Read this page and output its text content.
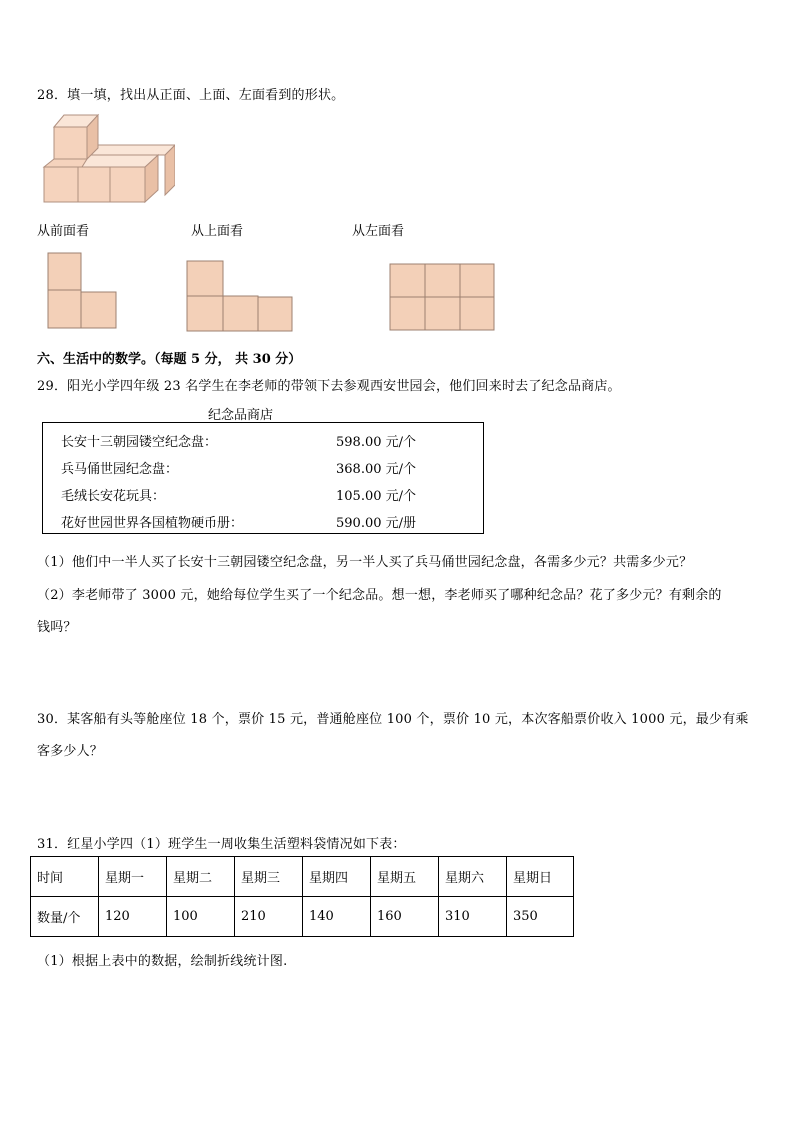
28．填一填，找出从正面、上面、左面看到的形状。
从前面看	从上面看	从左面看
六、生活中的数学。（每题 5 分， 共 30 分）
29．阳光小学四年级 23 名学生在李老师的带领下去参观西安世园会，他们回来时去了纪念品商店。
纪念品商店
长安十三朝园镂空纪念盘：	598.00 元/个
兵马俑世园纪念盘：	368.00 元/个
毛绒长安花玩具：	105.00 元/个
花好世园世界各国植物硬币册：	590.00 元/册
（1）他们中一半人买了长安十三朝园镂空纪念盘，另一半人买了兵马俑世园纪念盘，各需多少元？共需多少元？
（2）李老师带了 3000 元，她给每位学生买了一个纪念品。想一想，李老师买了哪种纪念品？花了多少元？有剩余的
钱吗？
30．某客船有头等舱座位 18 个，票价 15 元，普通舱座位 100 个，票价 10 元，本次客船票价收入 1000 元，最少有乘
客多少人？
31．红星小学四（1）班学生一周收集生活塑料袋情况如下表：
时间	星期一	星期二	星期三	星期四	星期五	星期六	星期日
数量/个	120	100	210	140	160	310	350
（1）根据上表中的数据，绘制折线统计图.
